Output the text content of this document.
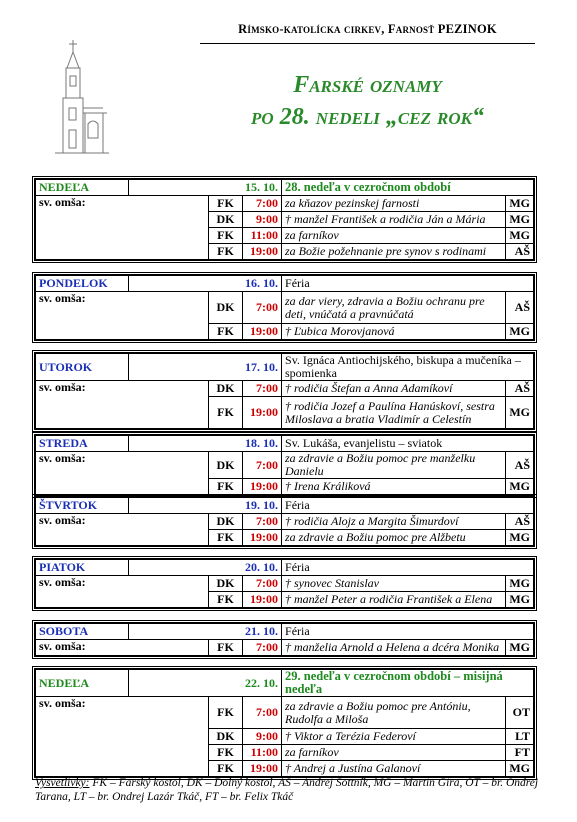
Rímsko-katolícka cirkev, Farnosť PEZINOK
Farské oznamy
po 28. nedeli „cez rok“
NEDEĽA	15. 10.			28. nedeľa v cezročnom období	
sv. omša:		FK	7:00	za kňazov pezinskej farnosti	MG
		DK	9:00	† manžel František a rodičia Ján a Mária	MG
		FK	11:00	za farníkov	MG
		FK	19:00	za Božie požehnanie pre synov s rodinami	AŠ
PONDELOK	16. 10.			Féria	
sv. omša:		DK	7:00	za dar viery, zdravia a Božiu ochranu pre deti, vnúčatá a pravnúčatá	AŠ
		FK	19:00	† Ľubica Morovjanová	MG
UTOROK	17. 10.			Sv. Ignáca Antiochijského, biskupa a mučeníka – spomienka	
sv. omša:		DK	7:00	† rodičia Štefan a Anna Adamíkoví	AŠ
		FK	19:00	† rodičia Jozef a Paulína Hanúskoví, sestra Miloslava a bratia Vladimír a Celestín	MG
STREDA	18. 10.			Sv. Lukáša, evanjelistu – sviatok	
sv. omša:		DK	7:00	za zdravie a Božiu pomoc pre manželku Danielu	AŠ
		FK	19:00	† Irena Králiková	MG
ŠTVRTOK	19. 10.			Féria	
sv. omša:		DK	7:00	† rodičia Alojz a Margita Šimurdoví	AŠ
		FK	19:00	za zdravie a Božiu pomoc pre Alžbetu	MG
PIATOK	20. 10.			Féria	
sv. omša:		DK	7:00	† synovec Stanislav	MG
		FK	19:00	† manžel Peter a rodičia František a Elena	MG
SOBOTA	21. 10.			Féria	
sv. omša:		FK	7:00	† manželia Arnold a Helena a dcéra Monika	MG
NEDEĽA	22. 10.			29. nedeľa v cezročnom období – misijná nedeľa	
sv. omša:		FK	7:00	za zdravie a Božiu pomoc pre Antóniu, Rudolfa a Miloša	OT
		DK	9:00	† Viktor a Terézia Federoví	LT
		FK	11:00	za farníkov	FT
		FK	19:00	† Andrej a Justína Galanoví	MG
Vysvetlivky: FK – Farský kostol, DK – Dolný kostol, AŠ – Andrej Šottník, MG – Martin Gira, OT – br. Ondrej Tarana, LT – br. Ondrej Lazár Tkáč, FT – br. Felix Tkáč
